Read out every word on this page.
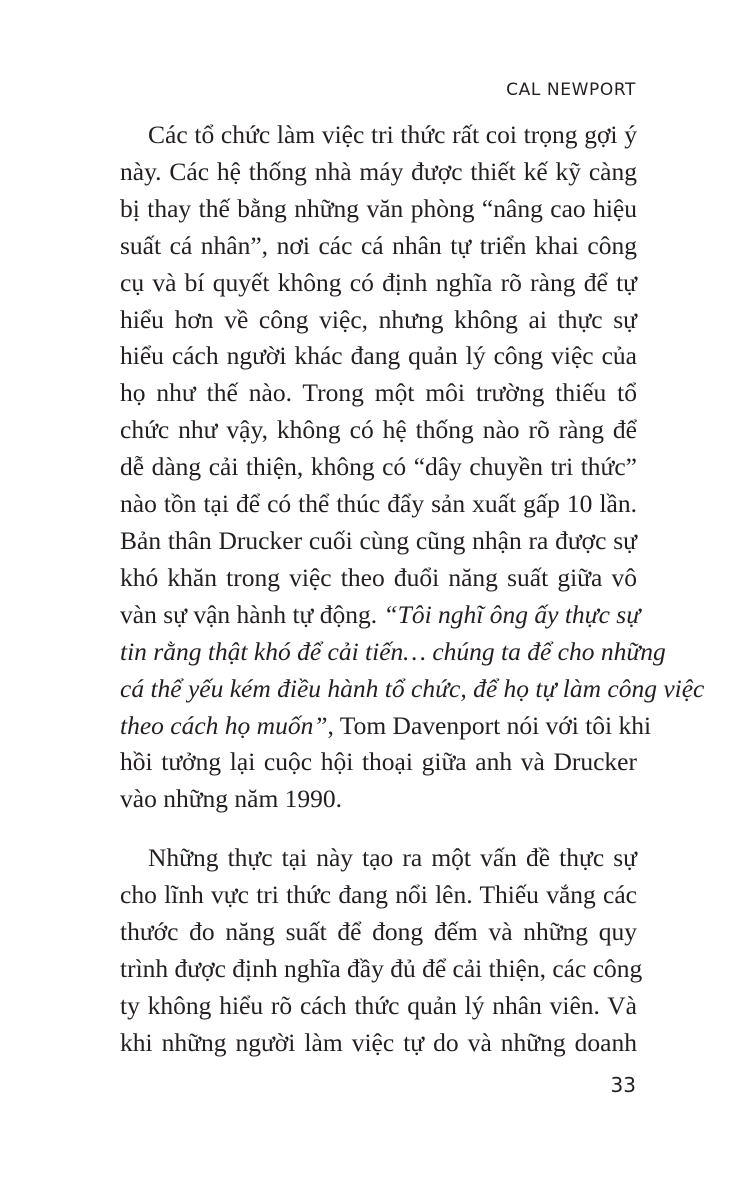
CAL NEWPORT
Các tổ chức làm việc tri thức rất coi trọng gợi ý
này. Các hệ thống nhà máy được thiết kế kỹ càng
bị thay thế bằng những văn phòng “nâng cao hiệu
suất cá nhân”, nơi các cá nhân tự triển khai công
cụ và bí quyết không có định nghĩa rõ ràng để tự
hiểu hơn về công việc, nhưng không ai thực sự
hiểu cách người khác đang quản lý công việc của
họ như thế nào. Trong một môi trường thiếu tổ
chức như vậy, không có hệ thống nào rõ ràng để
dễ dàng cải thiện, không có “dây chuyền tri thức”
nào tồn tại để có thể thúc đẩy sản xuất gấp 10 lần.
Bản thân Drucker cuối cùng cũng nhận ra được sự
khó khăn trong việc theo đuổi năng suất giữa vô
vàn sự vận hành tự động. “Tôi nghĩ ông ấy thực sự
tin rằng thật khó để cải tiến… chúng ta để cho những
cá thể yếu kém điều hành tổ chức, để họ tự làm công việc
theo cách họ muốn”, Tom Davenport nói với tôi khi
hồi tưởng lại cuộc hội thoại giữa anh và Drucker
vào những năm 1990.
Những thực tại này tạo ra một vấn đề thực sự
cho lĩnh vực tri thức đang nổi lên. Thiếu vắng các
thước đo năng suất để đong đếm và những quy
trình được định nghĩa đầy đủ để cải thiện, các công
ty không hiểu rõ cách thức quản lý nhân viên. Và
khi những người làm việc tự do và những doanh
33
